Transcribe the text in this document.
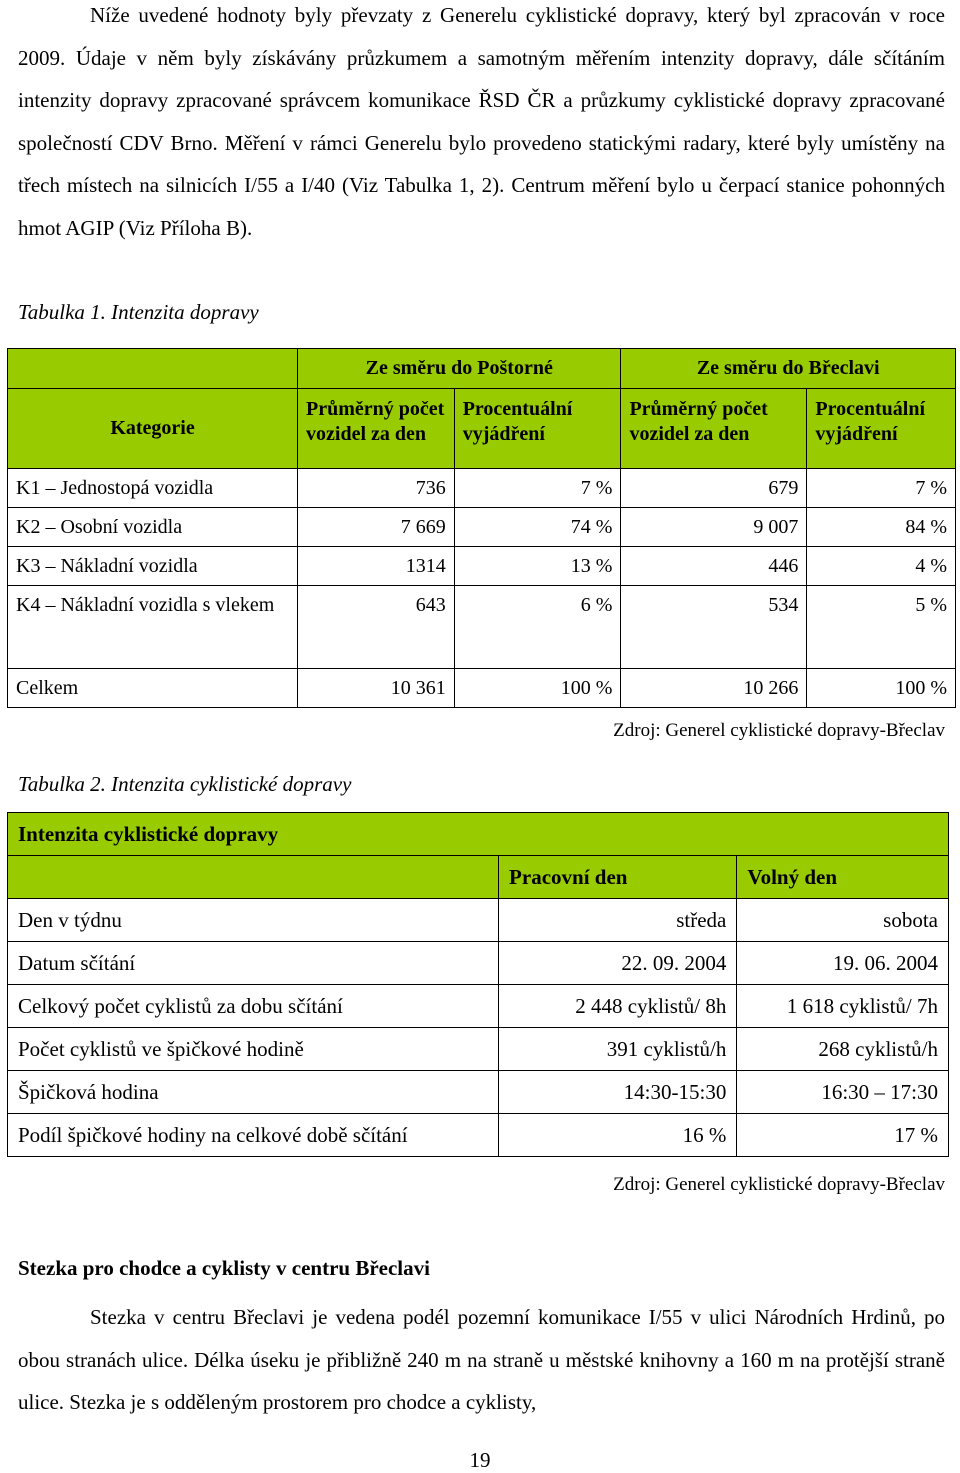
Níže uvedené hodnoty byly převzaty z Generelu cyklistické dopravy, který byl zpracován v roce 2009. Údaje v něm byly získávány průzkumem a samotným měřením intenzity dopravy, dále sčítáním intenzity dopravy zpracované správcem komunikace ŘSD ČR a průzkumy cyklistické dopravy zpracované společností CDV Brno. Měření v rámci Generelu bylo provedeno statickými radary, které byly umístěny na třech místech na silnicích I/55 a I/40 (Viz Tabulka 1, 2). Centrum měření bylo u čerpací stanice pohonných hmot AGIP (Viz Příloha B).

Tabulka 1. Intenzita dopravy

	Ze směru do Poštorné		Ze směru do Břeclavi	
Kategorie	Průměrný počet vozidel za den	Procentuální vyjádření	Průměrný počet vozidel za den	Procentuální vyjádření
K1 – Jednostopá vozidla	736	7 %	679	7 %
K2 – Osobní vozidla	7 669	74 %	9 007	84 %
K3 – Nákladní vozidla	1314	13 %	446	4 %
K4 – Nákladní vozidla s vlekem	643	6 %	534	5 %
Celkem	10 361	100 %	10 266	100 %

Zdroj: Generel cyklistické dopravy-Břeclav

Tabulka 2. Intenzita cyklistické dopravy

Intenzita cyklistické dopravy		
	Pracovní den	Volný den
Den v týdnu	středa	sobota
Datum sčítání	22. 09. 2004	19. 06. 2004
Celkový počet cyklistů za dobu sčítání	2 448 cyklistů/ 8h	1 618 cyklistů/ 7h
Počet cyklistů ve špičkové hodině	391 cyklistů/h	268 cyklistů/h
Špičková hodina	14:30-15:30	16:30 – 17:30
Podíl špičkové hodiny na celkové době sčítání	16 %	17 %

Zdroj: Generel cyklistické dopravy-Břeclav

Stezka pro chodce a cyklisty v centru Břeclavi

Stezka v centru Břeclavi je vedena podél pozemní komunikace I/55 v ulici Národních Hrdinů, po obou stranách ulice. Délka úseku je přibližně 240 m na straně u městské knihovny a 160 m na protější straně ulice. Stezka je s odděleným prostorem pro chodce a cyklisty,

19
